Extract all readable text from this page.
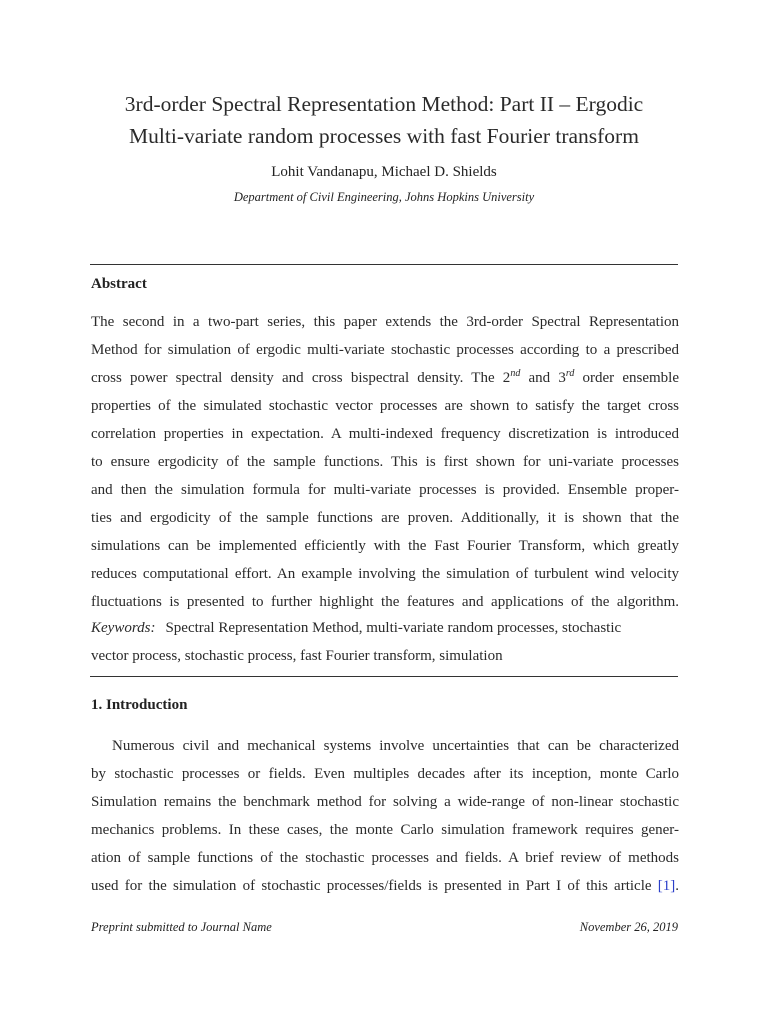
3rd-order Spectral Representation Method: Part II – Ergodic
Multi-variate random processes with fast Fourier transform
Lohit Vandanapu, Michael D. Shields
Department of Civil Engineering, Johns Hopkins University
Abstract
The second in a two-part series, this paper extends the 3rd-order Spectral Representation
Method for simulation of ergodic multi-variate stochastic processes according to a prescribed
cross power spectral density and cross bispectral density. The 2nd and 3rd order ensemble
properties of the simulated stochastic vector processes are shown to satisfy the target cross
correlation properties in expectation. A multi-indexed frequency discretization is introduced
to ensure ergodicity of the sample functions. This is first shown for uni-variate processes
and then the simulation formula for multi-variate processes is provided. Ensemble proper-
ties and ergodicity of the sample functions are proven. Additionally, it is shown that the
simulations can be implemented efficiently with the Fast Fourier Transform, which greatly
reduces computational effort. An example involving the simulation of turbulent wind velocity
fluctuations is presented to further highlight the features and applications of the algorithm.
Keywords: Spectral Representation Method, multi-variate random processes, stochastic
vector process, stochastic process, fast Fourier transform, simulation
1. Introduction
Numerous civil and mechanical systems involve uncertainties that can be characterized
by stochastic processes or fields. Even multiples decades after its inception, monte Carlo
Simulation remains the benchmark method for solving a wide-range of non-linear stochastic
mechanics problems. In these cases, the monte Carlo simulation framework requires gener-
ation of sample functions of the stochastic processes and fields. A brief review of methods
used for the simulation of stochastic processes/fields is presented in Part I of this article [1].
Preprint submitted to Journal Name	November 26, 2019
